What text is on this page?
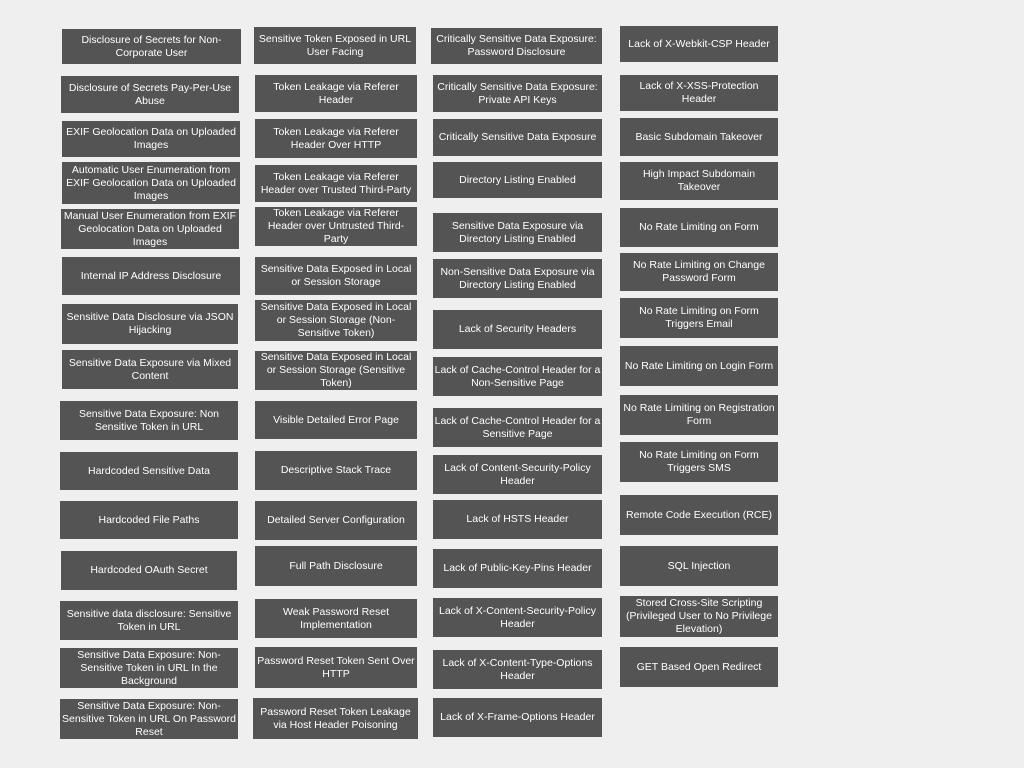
Disclosure of Secrets for Non-Corporate User
Disclosure of Secrets Pay-Per-Use Abuse
EXIF Geolocation Data on Uploaded Images
Automatic User Enumeration from EXIF Geolocation Data on Uploaded Images
Manual User Enumeration from EXIF Geolocation Data on Uploaded Images
Internal IP Address Disclosure
Sensitive Data Disclosure via JSON Hijacking
Sensitive Data Exposure via Mixed Content
Sensitive Data Exposure: Non Sensitive Token in URL
Hardcoded Sensitive Data
Hardcoded File Paths
Hardcoded OAuth Secret
Sensitive data disclosure: Sensitive Token in URL
Sensitive Data Exposure: Non-Sensitive Token in URL In the Background
Sensitive Data Exposure: Non-Sensitive Token in URL On Password Reset
Sensitive Token Exposed in URL User Facing
Token Leakage via Referer Header
Token Leakage via Referer Header Over HTTP
Token Leakage via Referer Header over Trusted Third-Party
Token Leakage via Referer Header over Untrusted Third-Party
Sensitive Data Exposed in Local or Session Storage
Sensitive Data Exposed in Local or Session Storage (Non-Sensitive Token)
Sensitive Data Exposed in Local or Session Storage (Sensitive Token)
Visible Detailed Error Page
Descriptive Stack Trace
Detailed Server Configuration
Full Path Disclosure
Weak Password Reset Implementation
Password Reset Token Sent Over HTTP
Password Reset Token Leakage via Host Header Poisoning
Critically Sensitive Data Exposure: Password Disclosure
Critically Sensitive Data Exposure: Private API Keys
Critically Sensitive Data Exposure
Directory Listing Enabled
Sensitive Data Exposure via Directory Listing Enabled
Non-Sensitive Data Exposure via Directory Listing Enabled
Lack of Security Headers
Lack of Cache-Control Header for a Non-Sensitive Page
Lack of Cache-Control Header for a Sensitive Page
Lack of Content-Security-Policy Header
Lack of HSTS Header
Lack of Public-Key-Pins Header
Lack of X-Content-Security-Policy Header
Lack of X-Content-Type-Options Header
Lack of X-Frame-Options Header
Lack of X-Webkit-CSP Header
Lack of X-XSS-Protection Header
Basic Subdomain Takeover
High Impact Subdomain Takeover
No Rate Limiting on Form
No Rate Limiting on Change Password Form
No Rate Limiting on Form Triggers Email
No Rate Limiting on Login Form
No Rate Limiting on Registration Form
No Rate Limiting on Form Triggers SMS
Remote Code Execution (RCE)
SQL Injection
Stored Cross-Site Scripting (Privileged User to No Privilege Elevation)
GET Based Open Redirect
